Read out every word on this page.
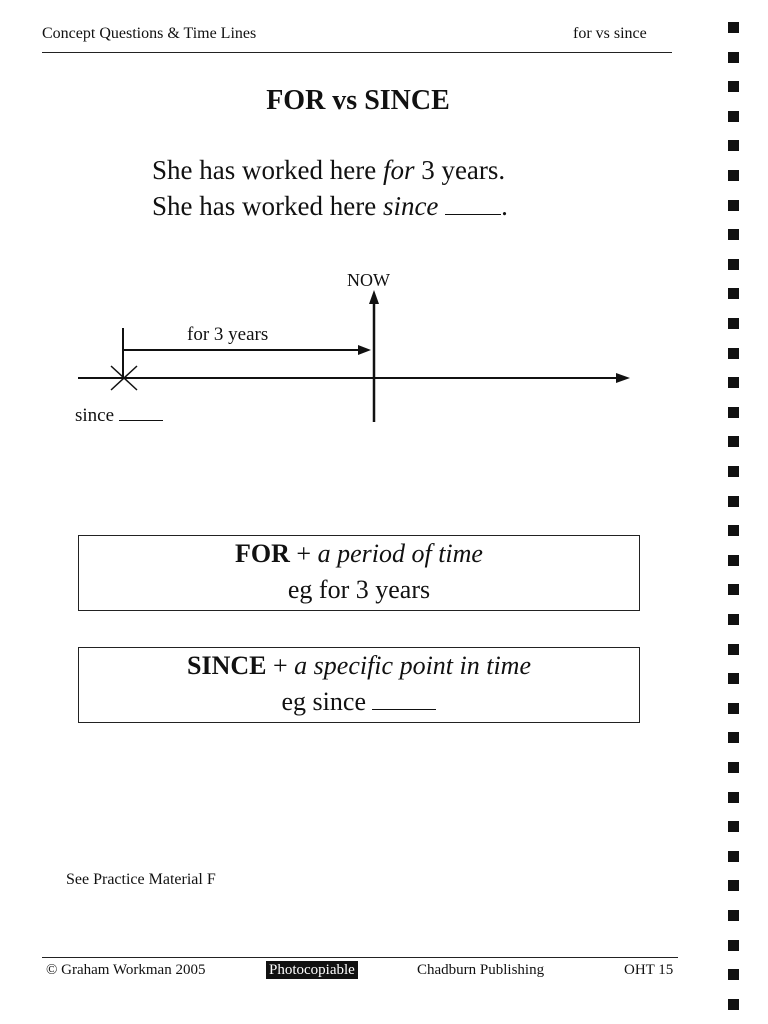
Concept Questions & Time Lines	for vs since
FOR vs SINCE
She has worked here for 3 years.
She has worked here since .
NOW
for 3 years
since
FOR + a period of time
eg for 3 years
SINCE + a specific point in time
eg since
See Practice Material F
© Graham Workman 2005	Photocopiable	Chadburn Publishing	OHT 15
